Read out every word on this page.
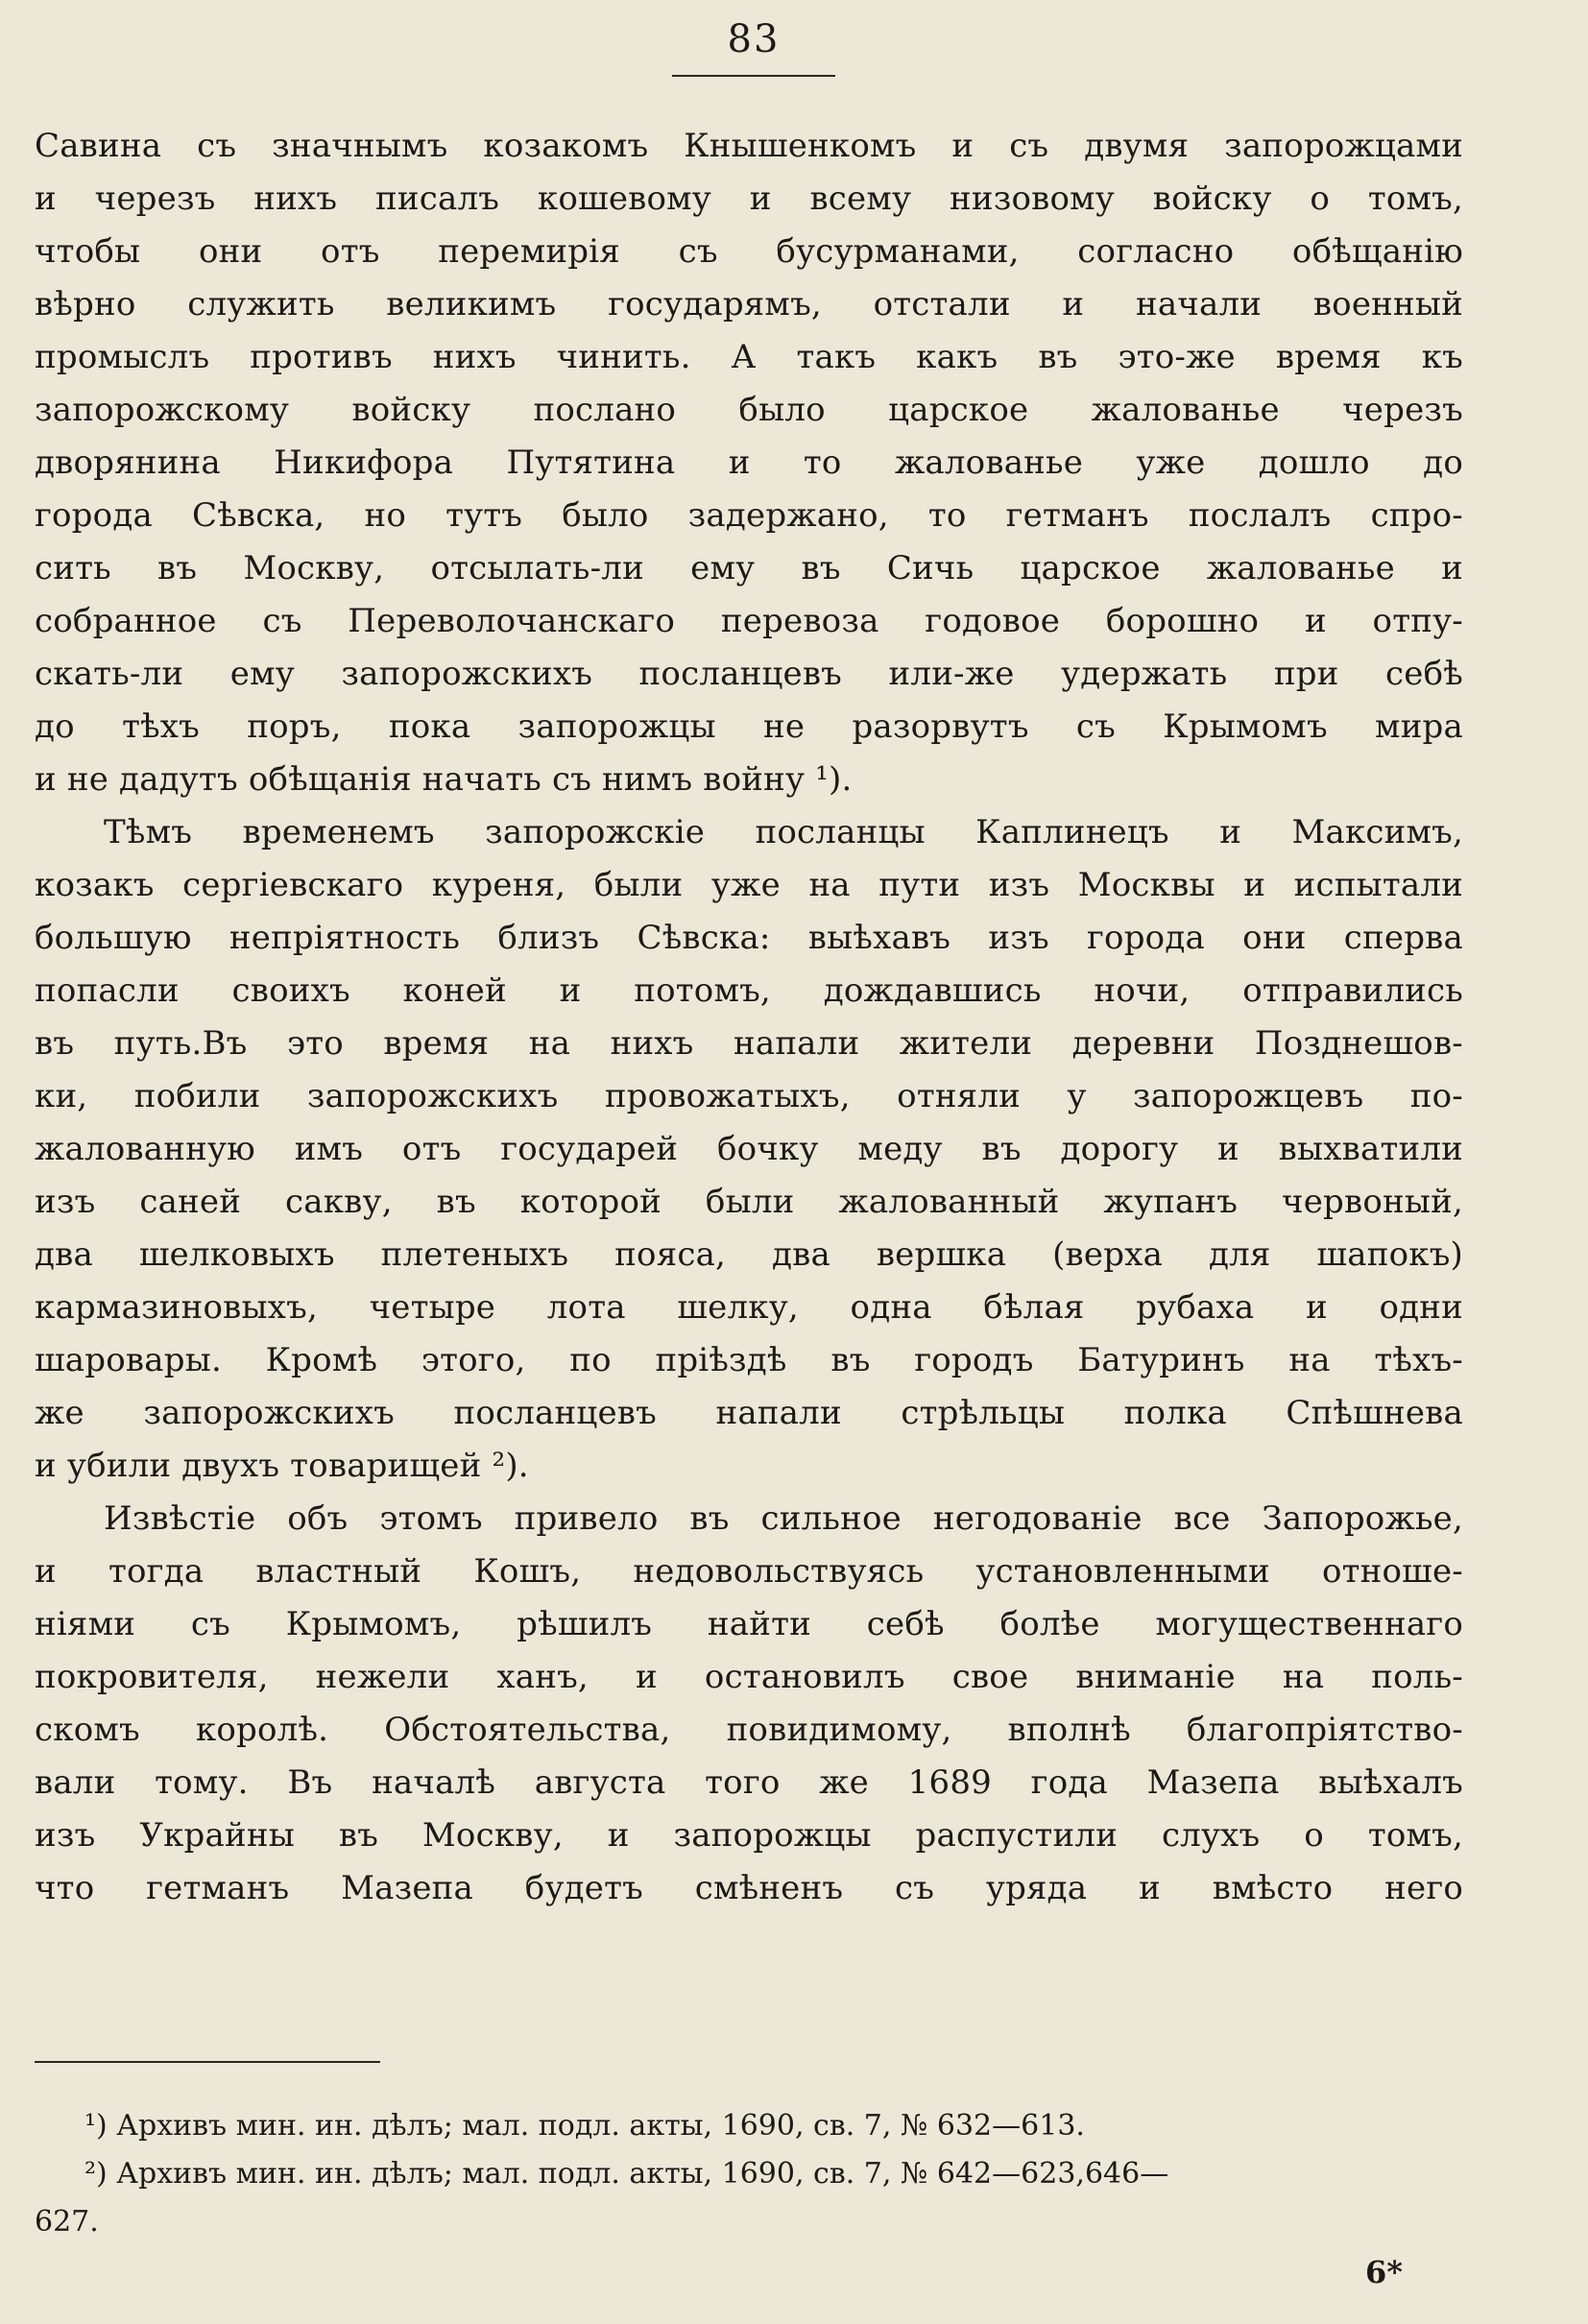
83
Савина съ значнымъ козакомъ Кнышенкомъ и съ двумя запорожцами
и черезъ нихъ писалъ кошевому и всему низовому войску о томъ,
чтобы они отъ перемирія съ бусурманами, согласно обѣщанію
вѣрно служить великимъ государямъ, отстали и начали военный
промыслъ противъ нихъ чинить. А такъ какъ въ это-же время къ
запорожскому войску послано было царское жалованье черезъ
дворянина Никифора Путятина и то жалованье уже дошло до
города Сѣвска, но тутъ было задержано, то гетманъ послалъ спро-
сить въ Москву, отсылать-ли ему въ Сичь царское жалованье и
собранное съ Переволочанскаго перевоза годовое борошно и отпу-
скать-ли ему запорожскихъ посланцевъ или-же удержать при себѣ
до тѣхъ поръ, пока запорожцы не разорвутъ съ Крымомъ мира
и не дадутъ обѣщанія начать съ нимъ войну ¹).
Тѣмъ временемъ запорожскіе посланцы Каплинецъ и Максимъ,
козакъ сергіевскаго куреня, были уже на пути изъ Москвы и испытали
большую непріятность близъ Сѣвска: выѣхавъ изъ города они сперва
попасли своихъ коней и потомъ, дождавшись ночи, отправились
въ путь.Въ это время на нихъ напали жители деревни Позднешов-
ки, побили запорожскихъ провожатыхъ, отняли у запорожцевъ по-
жалованную имъ отъ государей бочку меду въ дорогу и выхватили
изъ саней сакву, въ которой были жалованный жупанъ червоный,
два шелковыхъ плетеныхъ пояса, два вершка (верха для шапокъ)
кармазиновыхъ, четыре лота шелку, одна бѣлая рубаха и одни
шаровары. Кромѣ этого, по пріѣздѣ въ городъ Батуринъ на тѣхъ-
же запорожскихъ посланцевъ напали стрѣльцы полка Спѣшнева
и убили двухъ товарищей ²).
Извѣстіе объ этомъ привело въ сильное негодованіе все Запорожье,
и тогда властный Кошъ, недовольствуясь установленными отноше-
ніями съ Крымомъ, рѣшилъ найти себѣ болѣе могущественнаго
покровителя, нежели ханъ, и остановилъ свое вниманіе на поль-
скомъ королѣ. Обстоятельства, повидимому, вполнѣ благопріятство-
вали тому. Въ началѣ августа того же 1689 года Мазепа выѣхалъ
изъ Украйны въ Москву, и запорожцы распустили слухъ о томъ,
что гетманъ Мазепа будетъ смѣненъ съ уряда и вмѣсто него
¹) Архивъ мин. ин. дѣлъ; мал. подл. акты, 1690, св. 7, № 632—613.
²) Архивъ мин. ин. дѣлъ; мал. подл. акты, 1690, св. 7, № 642—623,646—
627.
6*
